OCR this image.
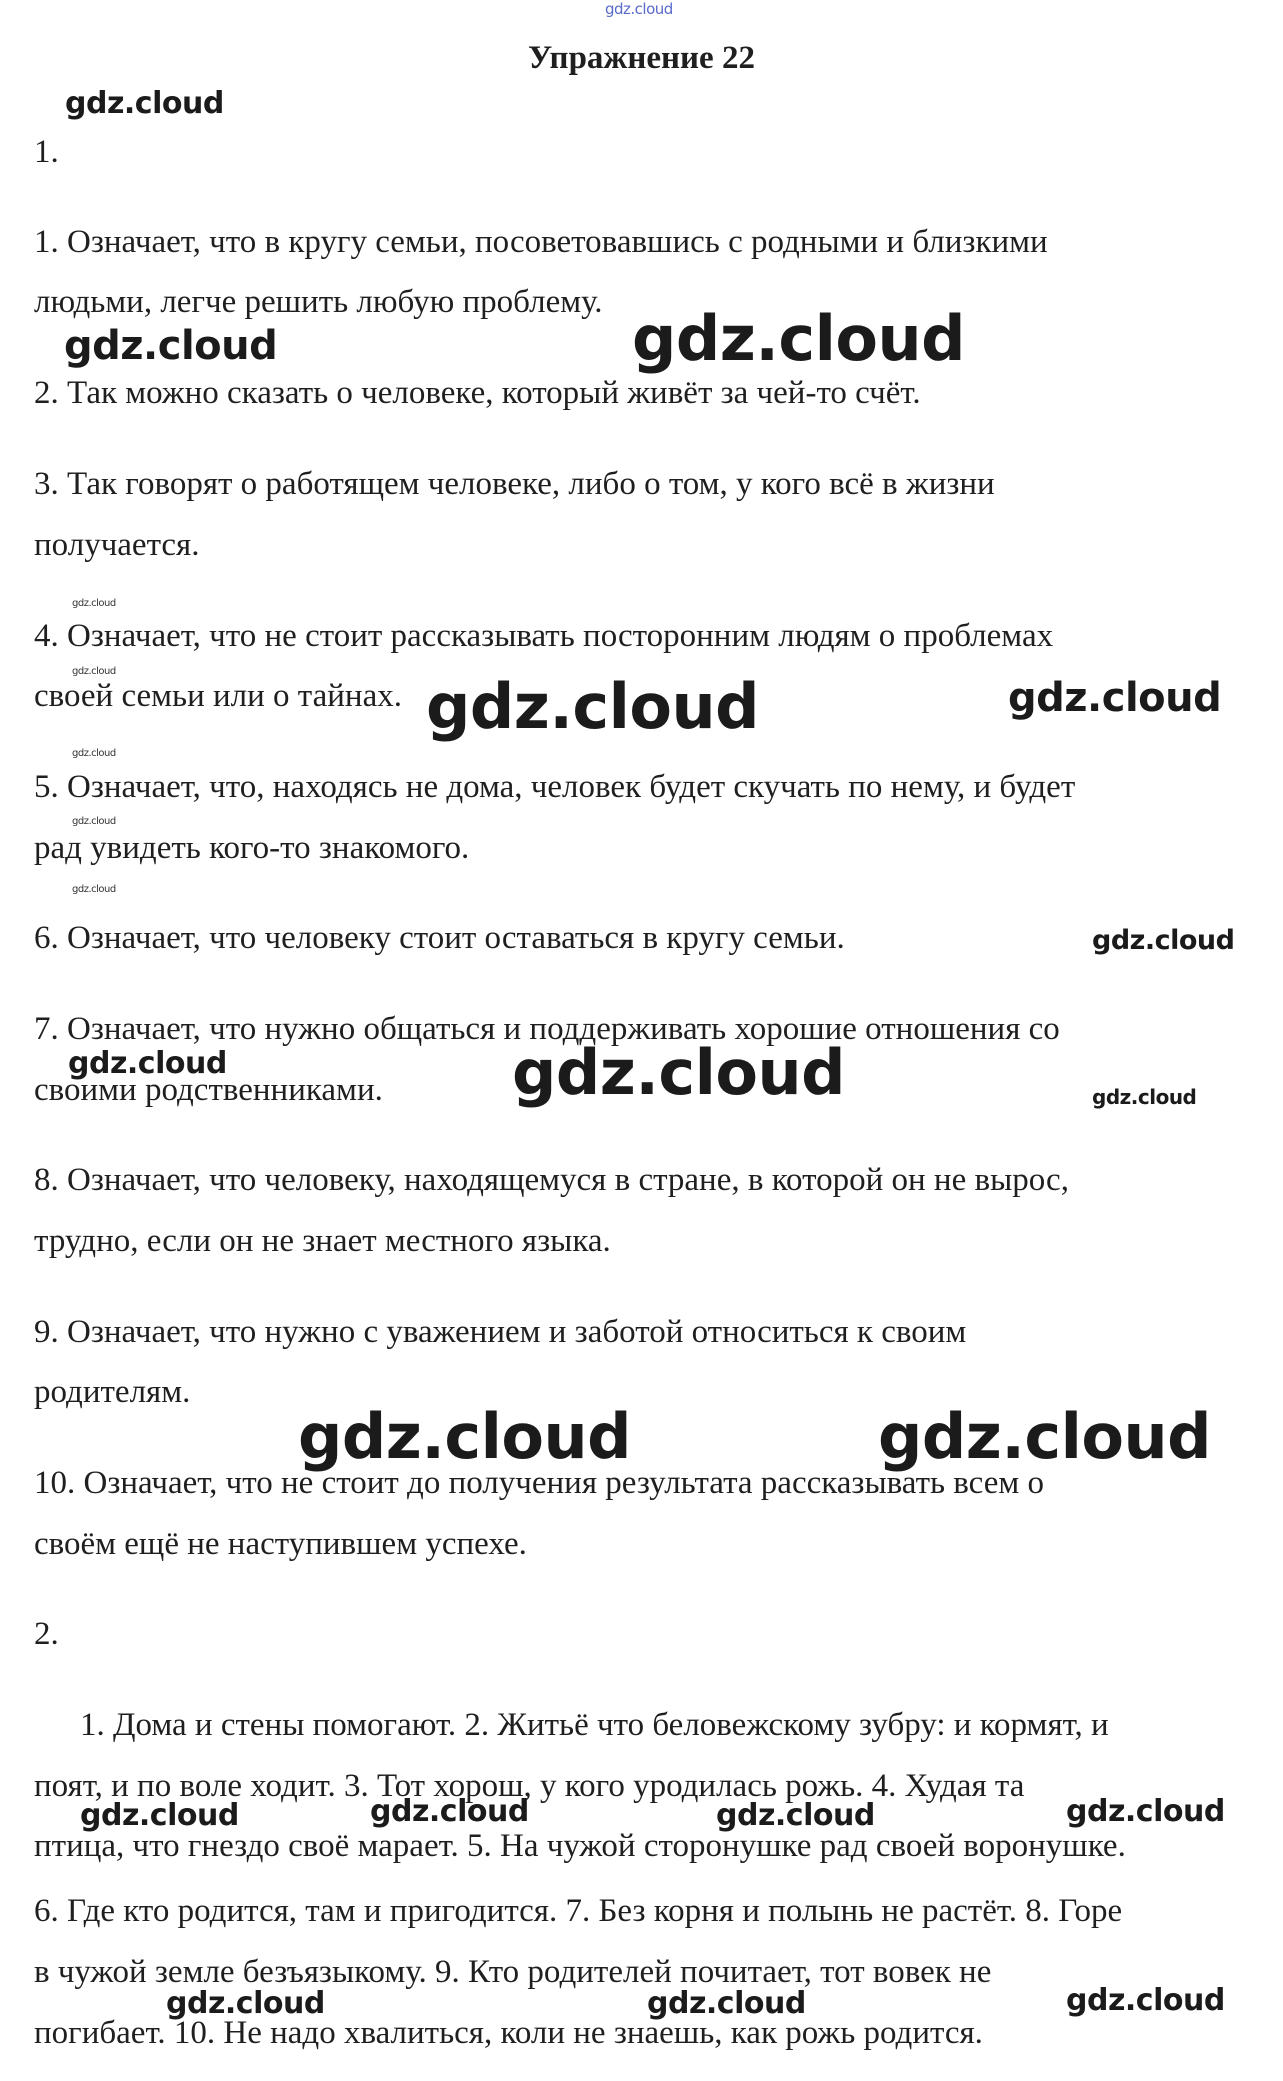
gdz.cloud
Упражнение 22
1.
1. Означает, что в кругу семьи, посоветовавшись с родными и близкими
людьми, легче решить любую проблему.
2. Так можно сказать о человеке, который живёт за чей-то счёт.
3. Так говорят о работящем человеке, либо о том, у кого всё в жизни
получается.
4. Означает, что не стоит рассказывать посторонним людям о проблемах
своей семьи или о тайнах.
5. Означает, что, находясь не дома, человек будет скучать по нему, и будет
рад увидеть кого-то знакомого.
6. Означает, что человеку стоит оставаться в кругу семьи.
7. Означает, что нужно общаться и поддерживать хорошие отношения со
своими родственниками.
8. Означает, что человеку, находящемуся в стране, в которой он не вырос,
трудно, если он не знает местного языка.
9. Означает, что нужно с уважением и заботой относиться к своим
родителям.
10. Означает, что не стоит до получения результата рассказывать всем о
своём ещё не наступившем успехе.
2.
1. Дома и стены помогают. 2. Житьё что беловежскому зубру: и кормят, и
поят, и по воле ходит. 3. Тот хорош, у кого уродилась рожь. 4. Худая та
птица, что гнездо своё марает. 5. На чужой сторонушке рад своей воронушке.
6. Где кто родится, там и пригодится. 7. Без корня и полынь не растёт. 8. Горе
в чужой земле безъязыкому. 9. Кто родителей почитает, тот вовек не
погибает. 10. Не надо хвалиться, коли не знаешь, как рожь родится.
gdz.cloud
gdz.cloud	gdz.cloud
gdz.cloud
gdz.cloud	gdz.cloud	gdz.cloud
gdz.cloud
gdz.cloud
gdz.cloud
gdz.cloud
gdz.cloud	gdz.cloud	gdz.cloud
gdz.cloud	gdz.cloud
gdz.cloud	gdz.cloud	gdz.cloud	gdz.cloud
gdz.cloud	gdz.cloud	gdz.cloud
